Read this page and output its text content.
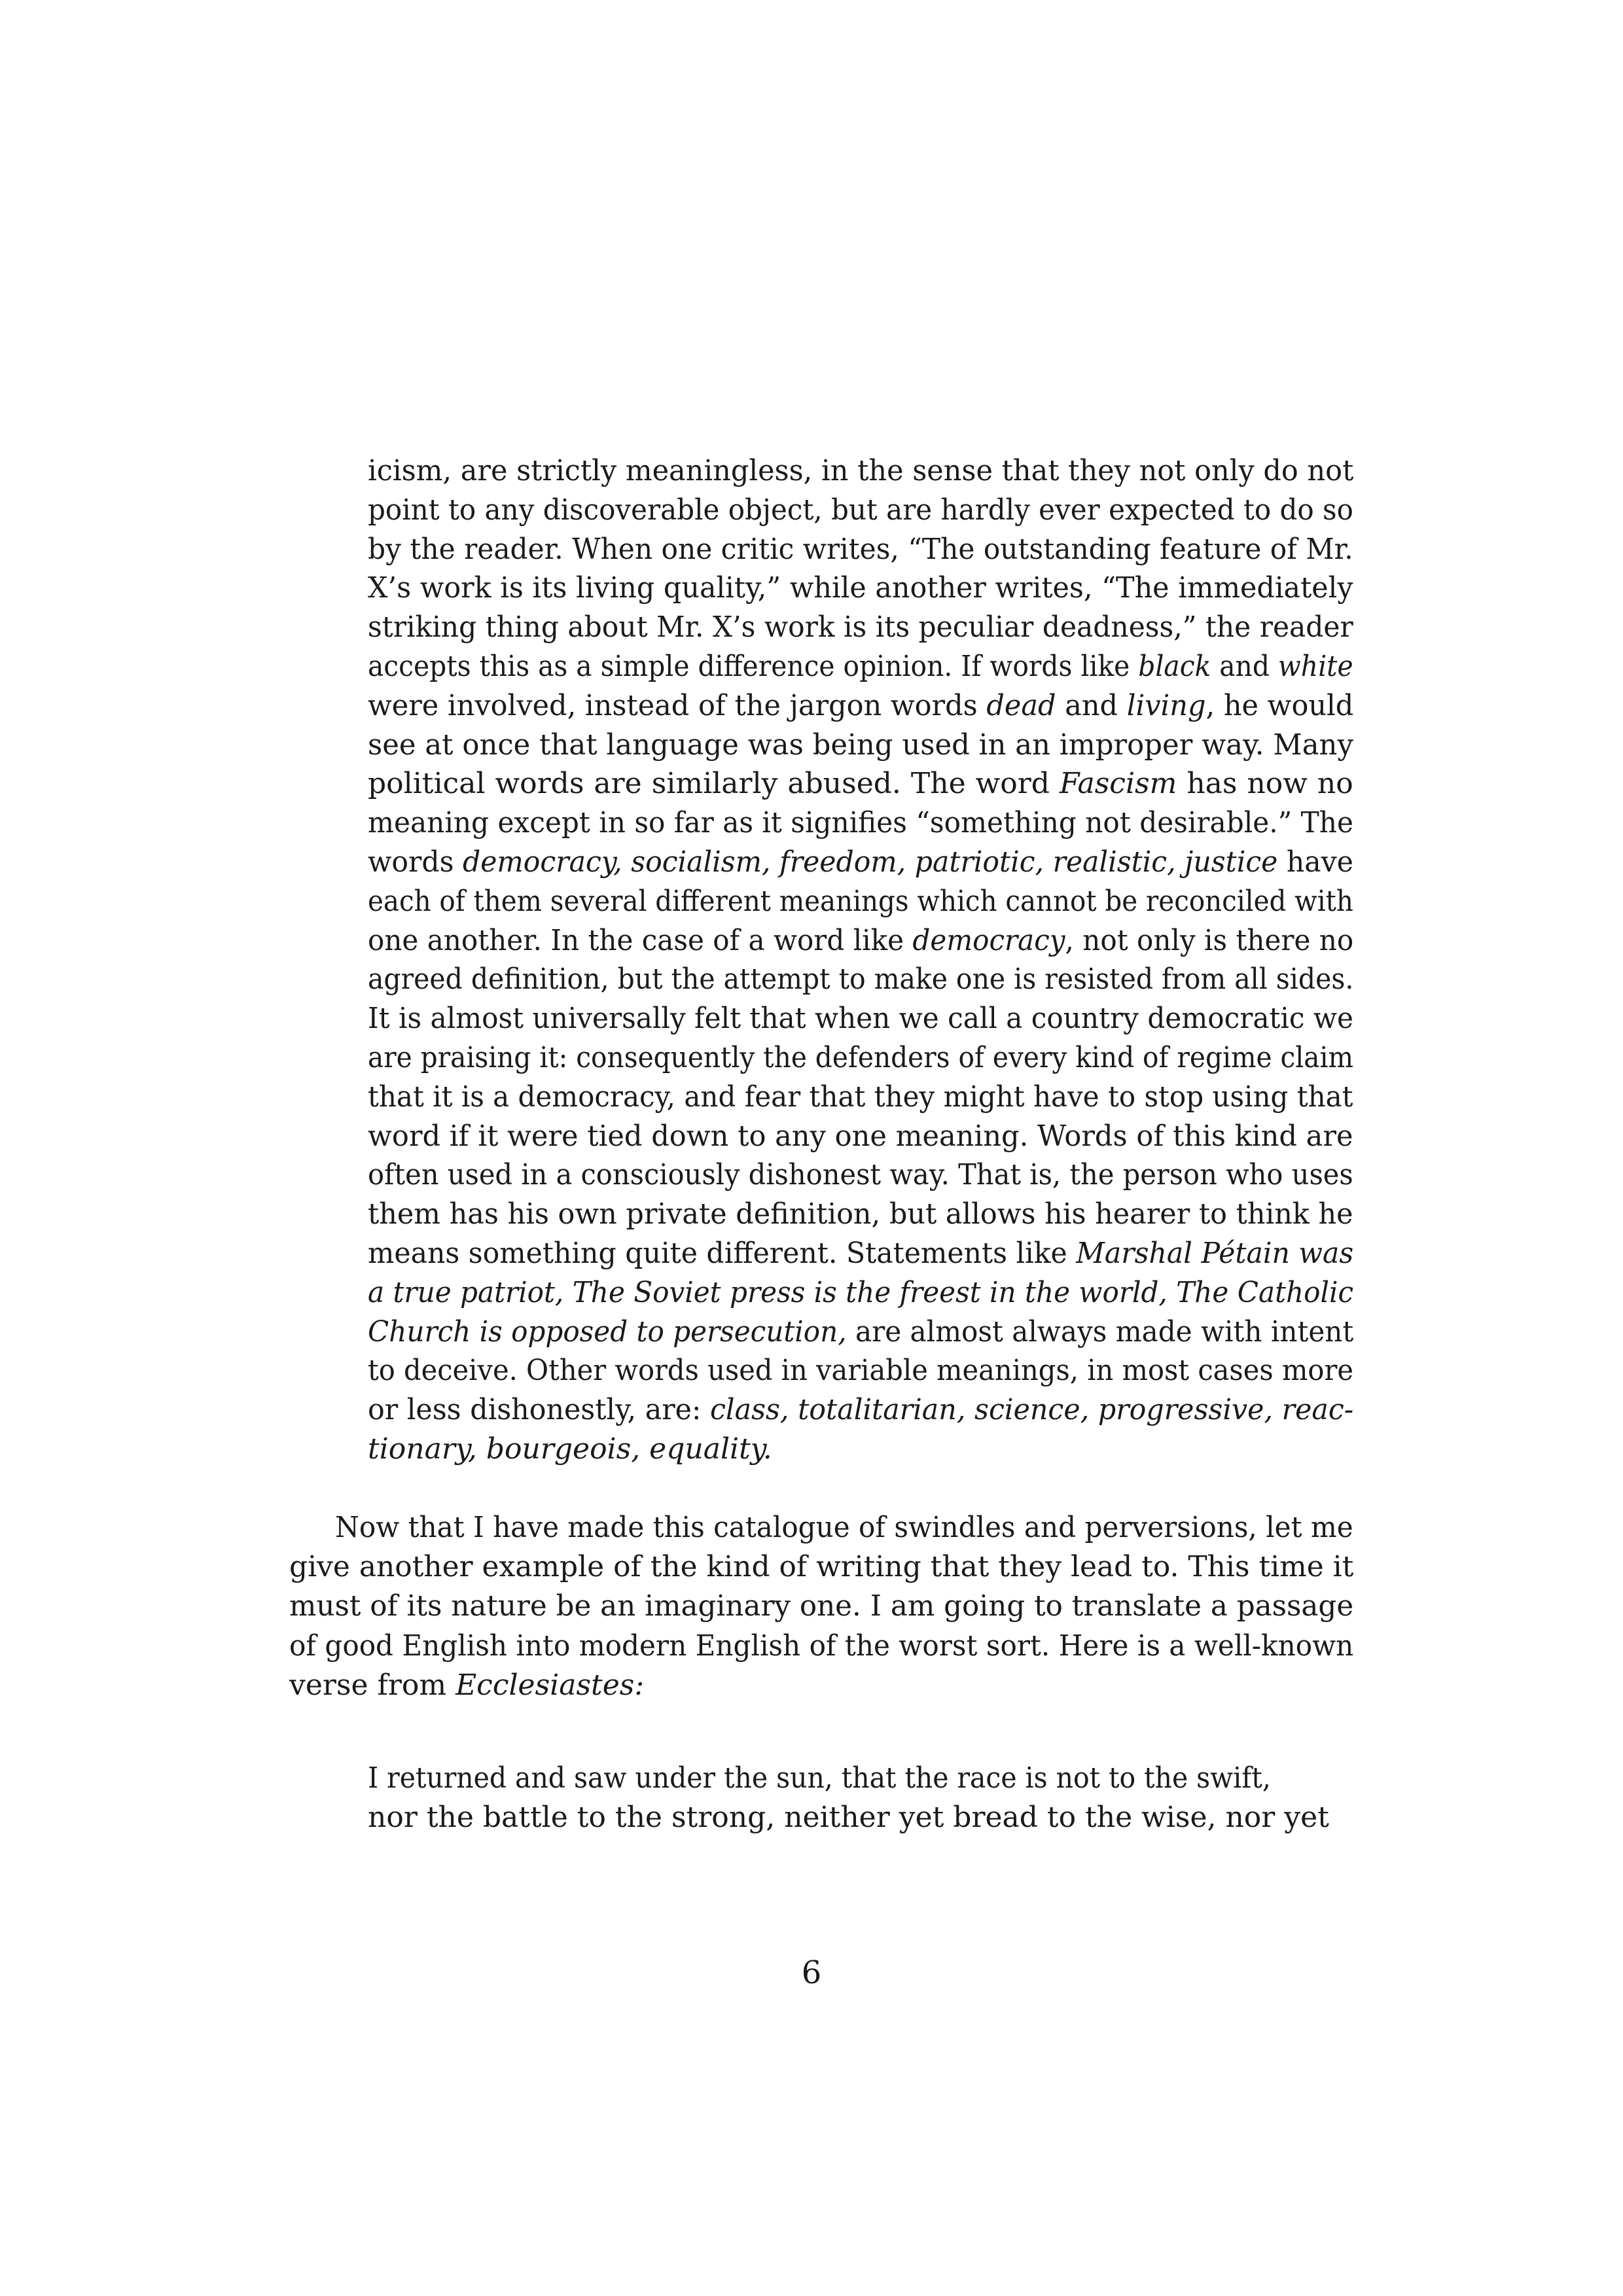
icism, are strictly meaningless, in the sense that they not only do not
point to any discoverable object, but are hardly ever expected to do so
by the reader. When one critic writes, “The outstanding feature of Mr.
X’s work is its living quality,” while another writes, “The immediately
striking thing about Mr. X’s work is its peculiar deadness,” the reader
accepts this as a simple difference opinion. If words like black and white
were involved, instead of the jargon words dead and living, he would
see at once that language was being used in an improper way. Many
political words are similarly abused. The word Fascism has now no
meaning except in so far as it signifies “something not desirable.” The
words democracy, socialism, freedom, patriotic, realistic, justice have
each of them several different meanings which cannot be reconciled with
one another. In the case of a word like democracy, not only is there no
agreed definition, but the attempt to make one is resisted from all sides.
It is almost universally felt that when we call a country democratic we
are praising it: consequently the defenders of every kind of regime claim
that it is a democracy, and fear that they might have to stop using that
word if it were tied down to any one meaning. Words of this kind are
often used in a consciously dishonest way. That is, the person who uses
them has his own private definition, but allows his hearer to think he
means something quite different. Statements like Marshal Pétain was
a true patriot, The Soviet press is the freest in the world, The Catholic
Church is opposed to persecution, are almost always made with intent
to deceive. Other words used in variable meanings, in most cases more
or less dishonestly, are: class, totalitarian, science, progressive, reac-
tionary, bourgeois, equality.
Now that I have made this catalogue of swindles and perversions, let me
give another example of the kind of writing that they lead to. This time it
must of its nature be an imaginary one. I am going to translate a passage
of good English into modern English of the worst sort. Here is a well-known
verse from Ecclesiastes:
I returned and saw under the sun, that the race is not to the swift,
nor the battle to the strong, neither yet bread to the wise, nor yet
6
